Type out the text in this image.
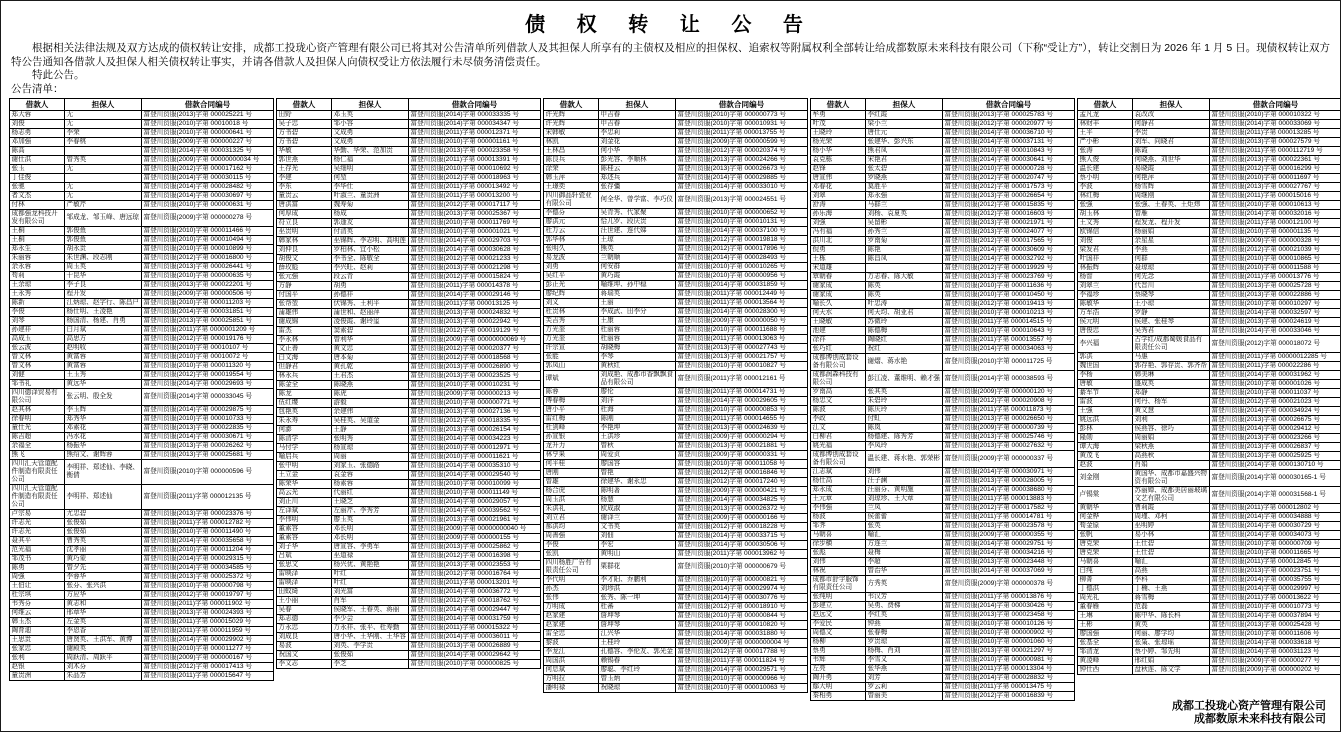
债 权 转 让 公 告
根据相关法律法规及双方达成的债权转让安排，成都工投珑心资产管理有限公司已将其对公告清单所列借款人及其担保人所享有的主债权及相应的担保权、追索权等附属权利全部转让给成都数原未来科技有限公司（下称“受让方”），转让交割日为 2026 年 1 月 5 日。现债权转让双方特公告通知各借款人及担保人相关债权转让事实，并请各借款人及担保人向债权受让方依法履行未尽债务清偿责任。
特此公告。
公告清单：
借款人	担保人	借款合同编号
郑大蓉	无	富登川资服(2013)字第 000025221 号
刘俊	无	富登川资服(2010)字第 00010018 号
杨志勇	李荣	富登川资服(2010)字第 000000641 号
邓加强	李春桃	富登川资服(2009)字第 000000227 号
陈高		富登川资服(2014)字第 000031325 号
谢仕洪	曾秀英	富登川资服(2009)字第 00000000034 号
张玉	无	富登川资服(2012)字第 000017162 号
丁佳俊		富登川资服(2014)字第 000030115 号
张驰	无	富登川资服(2014)字第 000028482 号
者文杰	无	富登川资服(2014)字第 000030697 号
付林	严敏芹	富登川资服(2010)字第 000000631 号
成都强龙科技开发有限公司	邹成龙、邹玉峰、唐远琼	富登川资服(2009)字第 000000278 号
王桐	郭俊鱼	富登川资服(2010)字第 000011466 号
王桐	郭俊鱼	富登川资服(2010)字第 000010494 号
郑永生	胡永贵	富登川资服(2010)字第 000010899 号
朱丽蓉	朱世渊、段志刚	富登川资服(2012)字第 000016800 号
余永蓉	周玉英	富登川资服(2013)字第 000026441 号
苟莉	干昆华	富登川资服(2010)字第 000000635 号
王余琼	李子良	富登川资服(2013)字第 000022201 号
王永秀	程开发	富登川资服(2009)字第 000000506 号
陈新	江炳琼、赵字行、陈昌户	富登川资服(2010)字第 000011203 号
李俊	杨仕明、王凌艳	富登川资服(2014)字第 000031851 号
刘琴	杨国清、杨建、肖勇	富登川资服(2013)字第 000025851 号
孙建祥	白月斌	富登川资服(2011)字第 0000001209 号
高成玉	高思方	富登川资服(2012)字第 000019176 号
张云波	赵明收	富登川资服(2010)字第 00010107 号
曾文林	黄富蓉	富登川资服(2010)字第 00010072 号
曾文林	黄富蓉	富登川资服(2010)字第 000011320 号
刘健	王玉秀	富登川资服(2012)字第 000019554 号
邹书礼	黄远华	富登川资服(2014)字第 000029693 号
四川德泽贸易有限公司	张云明、殷全发	富登川资服(2014)字第 000033045 号
赵其林	李玉辉	富登川资服(2014)字第 000029875 号
徐春明	郑秀华	富登川资服(2010)字第 000010733 号
童仕光	邓素花	富登川资服(2013)字第 000022835 号
陈吉超	冯水花	富登川资服(2014)字第 000030671 号
余福全	杨振华	富登川资服(2013)字第 000026262 号
熊飞	熊绍文、谢辉蓉	富登川资服(2013)字第 000025681 号
四川汇天管道配件制造有限责任公司	李明祥、郑述仙、李晓、衡倩	富登川资服(2010)字第 000000596 号
四川汇天管道配件制造有限责任公司	李明祥、郑述仙	富登川资服(2011)字第 000012135 号
卢宗易	尤忠碧	富登川资服(2013)字第 000023376 号
许志光	张俊茹	富登川资服(2011)字第 000012782 号
许志光	张俊茹	富登川资服(2010)字第 000011490 号
聂其平	曹秀英	富登川资服(2014)字第 000035658 号
范光福	沈孝丽	富登川资服(2010)字第 000011204 号
邹茂书	黄巧蒙	富登川资服(2014)字第 000029315 号
陈勇	曾夕先	富登川资服(2014)字第 000034585 号
周强	李蓉华	富登川资服(2013)字第 000025372 号
王伯让	张芬、张兴洪	富登川资服(2010)字第 000000798 号
杜宗琪	方应华	富登川资服(2012)字第 000019797 号
韦秀芬	黄志和	富登川资服(2011)字第 000011902 号
何维云	邢章华	富登川资服(2013)字第 000024393 号
韩玉杰	左金英	富登川资服(2011)字第 000015029 号
陶育迪	李恩香	富登川资服(2011)字第 000011959 号
王思贵	唐贤英、王洪军、黄博	富登川资服(2014)字第 000029902 号
张家忠	谢殿英	富登川资服(2010)字第 000011277 号
张利	周跃清、周跃平	富登川资服(2009)字第 000000167 号
赵银	刘术芬	富登川资服(2012)字第 000017413 号
童贵洲	朱品芳	富登川资服(2011)字第 000015647 号
借款人	担保人	借款合同编号
田野	邓玉英	富登川资服(2014)字第 000033335 号
吴子忠	邹小容	富登川资服(2014)字第 000034347 号
方书碧	文成勇	富登川资服(2011)字第 000012371 号
方书碧	文成勇	富登川资服(2010)字第 000001161 号
华敏	华勤、华荣、范加贵	富登川资服(2013)字第 000023358 号
郭世燕	杨仁福	富登川资服(2011)字第 000013391 号
王存光	吴细明	富登川资服(2010)字第 000010692 号
李建	何堃	富登川资服(2012)字第 000018963 号
李东	李华仕	富登川资服(2011)字第 000013492 号
童贵云	叶淑兰、童贵洲	富登川资服(2011)字第 000013200 号
唐洪富	魏寿菊	富登川资服(2012)字第 000017117 号
何厚成	杨成	富登川资服(2013)字第 000025367 号
符立良	郭逢友	富登川资服(2010)字第 000011769 号
巫贵明	付清英	富登川资服(2010)字第 000001021 号
韩家林	巫锦辉、李志明、高明莲	富登川资服(2014)字第 000029703 号
刘仲良	罗柏林、宜小松	富登川资服(2014)字第 000030628 号
胡俊文	李书全、陈敬全	富登川资服(2012)字第 000021233 号
薛玫彪	李兴旺、赵莉	富登川资服(2013)字第 000021298 号
张元强	段云青	富登川资服(2012)字第 000015824 号
方静	胡勇	富登川资服(2011)字第 000014378 号
付国平	孙德祥	富登川资服(2014)字第 000029146 号
张帮堃	伏锦秀、王利平	富登川资服(2011)字第 000013125 号
蒲雄伟	蒲世和、赵丽萍	富登川资服(2013)字第 000024832 号
谢成锦	凌俊霞、谢玲玺	富登川资服(2013)字第 000022942 号
雷杰	窦素碧	富登川资服(2012)字第 000019129 号
李永林	曾利华	富登川资服(2009)字第 00000000069 号
文正善	黄文忠	富登川资服(2012)字第 000020377 号
白文海	唐本菊	富登川资服(2012)字第 000018568 号
但静君	黄孔乾	富登川资服(2013)字第 000026890 号
林永兵	王君杰	富登川资服(2013)字第 000023525 号
陈金全	陈晓燕	富登川资服(2010)字第 000010231 号
陈龙	陈虎	富登川资服(2009)字第 000000213 号
伍红缨	游毅	富登川资服(2010)字第 000000771 号
包艳英	余建伟	富登川资服(2013)字第 000027136 号
朱永寿	吴桂英、吴道金	富登川资服(2012)字第 000018335 号
何澎	王静	富登川资服(2013)字第 000026154 号
陈清学	张明秀	富登川资服(2014)字第 000034223 号
马付学	杨宣琼	富登川资服(2010)字第 000012971 号
喻启兵	周丽	富登川资服(2010)字第 000011621 号
张中明	刘家玉、张德路	富登川资服(2014)字第 000035310 号
王立金	袁金蓉	富登川资服(2014)字第 000029540 号
陈荣华	杨素蓉	富登川资服(2010)字第 000010099 号
高云光	代丽红	富登川资服(2010)字第 000011149 号
刘正川	王晓芝	富登川资服(2014)字第 000029057 号
左泽斌	左丽芹、李秀芳	富登川资服(2014)字第 000039562 号
李伟明	廖玉英	富登川资服(2013)字第 000021961 号
董素容	邓长明	富登川资服(2009)字第 00000000040 号
董素容	邓长明	富登川资服(2009)字第 000000155 号
刘子华	唐宣容、李勇军	富登川资服(2013)字第 000025862 号
吕斌	巫道禄	富登川资服(2012)字第 000016398 号
张思文	杨兴优、黄艳艳	富登川资服(2013)字第 000023553 号
雷映泽	叶红	富登川资服(2012)字第 000016764 号
雷映泽	叶红	富登川资服(2011)字第 000013201 号
田蚊绮	刘光富	富登川资服(2014)字第 000036772 号
王小丽	肖军	富登川资服(2012)字第 000018762 号
吴春	侯晓军、王春英、蒋丽	富登川资服(2014)字第 000029447 号
郑志德	李少会	富登川资服(2014)字第 000031759 号
万永忠	万永祥、张平、杜寿勤	富登川资服(2011)字第 000015322 号
刘成良	唐小华、王华刚、王华容	富登川资服(2014)字第 000036011 号
易波	刘英、李学贵	富登川资服(2013)字第 000026889 号
祝国文	张俊茹	富登川资服(2014)字第 000029642 号
李文志	李芝	富登川资服(2010)字第 000000825 号
借款人	担保人	借款合同编号
许光辉	申吉春	富登川资服(2010)字第 000000773 号
许光辉	申吉春	富登川资服(2010)字第 000010931 号
宋韩敏	李忠莉	富登川资服(2011)字第 000013755 号
林凯	刘金花	富登川资服(2009)字第 000000599 号
王林昌	何小华	富登川资服(2012)字第 000020374 号
陈良兵	彭光容、李顺林	富登川资服(2013)字第 000024266 号
涂荣	陈桂云	富登川资服(2013)字第 000026673 号
韩玉萍	郑述兵	富登川资服(2014)字第 000029885 号
王璟奕	张存彊	富登川资服(2014)字第 000033010 号
四川御品轩瓷业有限公司	何全华、曾学富、李巧仪	富登川资服(2013)字第 000024551 号
李德芬	吴青秀、代家聚	富登川资服(2010)字第 000000652 号
廖洪元	恰儿罗、段庆贵	富登川资服(2010)字第 000010131 号
杜万云	汪世建、连代娣	富登川资服(2014)字第 000037100 号
郭华林	王琼	富登川资服(2012)字第 000019818 号
张明久	熊英	富登川资服(2012)字第 000017896 号
易龙波	兰朝顺	富登川资服(2014)字第 000028493 号
刘勇	何安群	富登川资服(2010)字第 000010265 号
吴红平	黄巧霞	富登川资服(2010)字第 000000956 号
彭正光	喻维坤、孙中稳	富登川资服(2014)字第 000031859 号
廖纪辉	蒋瑞英	富登川资服(2011)字第 000012449 号
刘义	王丽	富登川资服(2011)字第 000013564 号
杜贵林	李成武、田李分	富登川资服(2014)字第 000028300 号
芙吉秀	王康	富登川资服(2009)字第 000000050 号
万光奎	杜丽蓉	富登川资服(2010)字第 000011688 号
万光奎	杜丽蓉	富登川资服(2011)字第 000013063 号
许宗宣	胡晓梅	富登川资服(2013)字第 000027743 号
张能	李琴	富登川资服(2013)字第 000021757 号
郭凤山	黄秋红	富登川资服(2010)字第 000010827 号
谭斌	刘成艳、成都市香飘飘食品有限公司	富登川资服(2011)字第 000012161 号
陈蓉	廖伦	富登川资服(2011)字第 000014731 号
傅春梅	刘洋	富登川资服(2014)字第 000029605 号
唐小平	杜海	富登川资服(2010)字第 000000853 号
雷红梅	陈刚	富登川资服(2011)字第 000014655 号
杜剑峰	李艳坤	富登川资服(2013)字第 000024639 号
孙宣银	王洪珍	富登川资服(2009)字第 000000294 号
龙升力	曾秋	富登川资服(2013)字第 000021881 号
林亨果	周爱贞	富登川资服(2009)字第 000000331 号
何平桂	廖国容	富登川资服(2010)字第 000011058 号
唐刚	曾艳	富登川资服(2012)字第 000016846 号
曾雄	徐建华、谢永忠	富登川资服(2012)字第 000017240 号
杨合虎	陈明著	富登川资服(2009)字第 000000421 号
周玉洪	杨慧	富登川资服(2014)字第 000034825 号
朱洪礼	欧成淑	富登川资服(2013)字第 000026372 号
刘立君	谢泽兰	富登川资服(2009)字第 000000166 号
郝洪均	文书英	富登川资服(2012)字第 000018228 号
周善强	刘佃	富登川资服(2014)字第 000033715 号
李俊	李宏	富登川资服(2014)字第 000030506 号
张凯	黄明山	富登川资服(2011)字第 000013962 号
四川杨胜广告有限责任公司	栗群花	富登川资服(2010)字第 000000679 号
李代明	李才阳、乔鹏利	富登川资服(2010)字第 000000821 号
孙杰	刘珍洪	富登川资服(2014)字第 000029974 号
张伟	张秀、陈一坤	富登川资服(2014)字第 000030776 号
万明成	杜蕃	富登川资服(2012)字第 000018910 号
赵家建	詹坤琴	富登川资服(2010)字第 000000844 号
赵家建	詹坤琴	富登川资服(2010)字第 000010820 号
雷全忠	江兴华	富登川资服(2014)字第 000031880 号
黎波	王桂玲	富登川资服(2009)字第 0000000004 号
李龙江	孔德容、李伦友、郭光金	富登川资服(2012)字第 000017788 号
周国洪	赖锡春	富登川资服(2011)字第 000011824 号
何息斌	廖聪、李红玲	富登川资服(2014)字第 000029571 号
方明拉	曾玉炳	富登川资服(2010)字第 000000966 号
潘明禄	祝晓琼	富登川资服(2010)字第 000010063 号
借款人	担保人	借款合同编号
牟勇	李红霞	富登川资服(2013)字第 000025783 号
叶茂	梁小兰	富登川资服(2012)字第 000020977 号
王晓玲	唐仕元	富登川资服(2014)字第 000036710 号
杨光荣	张建华、彭兴东	富登川资服(2014)字第 000037131 号
杨小华	熊君凤	富登川资服(2010)字第 000010843 号
袁克栋	宋艳君	富登川资服(2014)字第 000030641 号
赵锋	张太碧	富登川资服(2010)字第 000000728 号
唐宣伟	罗晓燕	富登川资服(2012)字第 000020747 号
邓春花	莫胜平	富登川资服(2012)字第 000017573 号
刘翠	郑永强	富登川资服(2013)字第 000026654 号
舒涛	马群兰	富登川资服(2012)字第 000015835 号
孙乐海	刘杨、袁夏英	富登川资服(2012)字第 000016603 号
刘强	吴留彬	富登川资服(2013)字第 000021971 号
冯有福	孙秀兰	富登川资服(2013)字第 000024077 号
洪川北	罗南菊	富登川资服(2012)字第 000017565 号
倪勇	陈艳	富登川资服(2014)字第 000030609 号
王栋	陈昌凤	富登川资服(2014)字第 000032792 号
宋道雄		富登川资服(2012)字第 000019929 号
覃朝春	万志春、陈大敏	富登川资服(2013)字第 000023769 号
谢家成	陈英	富登川资服(2010)字第 000011636 号
谢家成	陈英	富登川资服(2010)字第 000010450 号
喻长久	叶忠涛	富登川资服(2012)字第 000019413 号
何天水	何天均、胡亚君	富登川资服(2010)字第 000010213 号
王晓敏	苏微玲	富登川资服(2011)字第 000014515 号
池建	陈德梅	富登川资服(2010)字第 000010643 号
凃祥	陶晓红	富登川资服(2011)字第 000013557 号
张巧红	祝红	富登川资服(2014)字第 000034063 号
成都博创成套设备有限公司	谢熠、蒋水艳	富登川资服(2010)字第 000011725 号
成都润森科技有限公司	彭江凌、董维明、赖才强	富登川资服(2014)字第 000038593 号
罗南高	张其英	富登川资服(2009)字第 000000120 号
杨忠文	朱碧玲	富登川资服(2012)字第 000020908 号
陈波	陈庆玲	富登川资服(2011)字第 000011873 号
李政	付虹	富登川资服(2013)字第 000026650 号
江文	陈岚	富登川资服(2009)字第 000000739 号
白柳君	杨德建、陈秀芳	富登川资服(2013)字第 000025746 号
姚光福	李凤玲	富登川资服(2013)字第 000027632 号
成都博创成套设备有限公司	温长建、蒋水艳、郭荣彬	富登川资服(2009)字第 000000337 号
江志斌	刘伟	富登川资服(2014)字第 000030971 号
杨仕高	汪子澜	富登川资服(2013)字第 000028005 号
郑永成	汪丽芬、黄明施	富登川资服(2014)字第 000038680 号
王元章	刘琼珍、王大章	富登川资服(2011)字第 000013883 号
李伟强	兰凤	富登川资服(2012)字第 000017582 号
杨波	侯蕾蕾	富登川资服(2011)字第 000014781 号
邹荠	张英	富登川资服(2013)字第 000023578 号
马朝喜	喻汇	富登川资服(2009)字第 000000355 号
徐步横	方连兰	富登川资服(2014)字第 000029751 号
张彪	聂梅	富登川资服(2014)字第 000034216 号
刘伟	李超	富登川资服(2013)字第 000023448 号
林祝	曾治华	富登川资服(2014)字第 000037069 号
成都市舒宇服饰有限责任公司	方秀英	富登川资服(2009)字第 000000378 号
张纯明	韦汉芳	富登川资服(2011)字第 000013876 号
彭建立	吴勇、费梯	富登川资服(2014)字第 000030426 号
赵远文	李红英	富登川资服(2013)字第 000023458 号
李爱民	钟燕	富登川资服(2010)字第 000010126 号
周德文	张春梅	富登川资服(2010)字第 000000902 号
杨柳	罗贵琼	富登川资服(2010)字第 000001060 号
蔡勇	杨梅、肖刘	富登川资服(2013)字第 000021297 号
韦辉	李雪义	富登川资服(2010)字第 000000981 号
左亮	张华燕	富登川资服(2011)字第 000013304 号
陶开勇	刘芳	富登川资服(2014)字第 000028832 号
鄢大明	罗云莉	富登川资服(2011)字第 000013475 号
秦相勇	曾丽美	富登川资服(2012)字第 000016839 号
借款人	担保人	借款合同编号
孟凡龙	袁改改	富登川资服(2010)字第 000010322 号
林财丰	何静君	富登川资服(2014)字第 000033069 号
王平	李贵	富登川资服(2011)字第 000013285 号
严小彬	刘军、向晓君	富登川资服(2013)字第 000027579 号
张涛	陈霞	富登川资服(2011)字第 0000112719 号
熊人俊	何晓燕、刘世华	富登川资服(2013)字第 000022361 号
温长建	易晓霞	富登川资服(2012)字第 000016299 号
蔡小明	何艳萍	富登川资服(2010)字第 000011697 号
李波	杨雪辉	富登川资服(2013)字第 000027767 号
林红梅	周继刚	富登川资服(2011)字第 000015016 号
张强	张强、王春英、王炬炜	富登川资服(2010)字第 000010613 号
胡玉林	曾雁	富登川资服(2014)字第 000032016 号
王文秀	程发龙、程开发	富登川资服(2011)字第 000012100 号
欧锦信	杨丽娟	富登川资服(2010)字第 000001135 号
刘俊	余星星	富登川资服(2009)字第 000000328 号
梁发君	李燕	富登川资服(2012)字第 000021039 号
叶国祥	何群	富登川资服(2010)字第 000010865 号
林振辉	聂琼琼	富登川资服(2010)字第 000011588 号
杨智	何先念	富登川资服(2011)字第 000013776 号
刘翠兰	代晋川	富登川资服(2013)字第 000025728 号
李福珍	蔡晓琴	富登川资服(2013)字第 000022886 号
陈敏华	王小琼	富登川资服(2010)字第 000010297 号
方军浩	罗静	富登川资服(2014)字第 000032597 号
侯元明	侯建、张桂琴	富登川资服(2013)字第 000024619 号
唐俊忠	吴秀君	富登川资服(2014)字第 000033046 号
李兴福	古学红/成都蜀媛食品有限责任公司	富登川资服(2012)字第 000018072 号
郭洪	马惠	富登川资服(2011)字第 00000012285 号
魏世国	郭存艳、郭存贵、郭齐帮	富登川资服(2011)字第 000022286 号
李杨	韩美琳	富登川资服(2014)字第 000031962 号
唐敏	盛成英	富登川资服(2010)字第 000001026 号
綦军节	郑静	富登川资服(2010)字第 000011037 号
雷波	何丹、杨军	富登川资服(2012)字第 000021023 号
王强	黄文慧	富登川资服(2014)字第 000034924 号
姚远洪	刘利	富登川资服(2013)字第 000026675 号
彭林	侯燕容、徐巧	富登川资服(2014)字第 000029412 号
隆勋	周丽娟	富登川资服(2013)字第 000023266 号
谭大海	梁秋燕	富登川资服(2013)字第 000026837 号
黄茂飞	高燕秋	富登川资服(2013)字第 000025925 号
赵波	肖娟	富登川资服(2014)字第 0000130710 号
刘金刚	黄国华、成都市嘉盛兴物资有限公司	富登川资服(2014)字第 000030165-1 号
卢锡棠	苏丽婵、成都美居丽玻璃文艺有限公司	富登川资服(2014)字第 000031568-1 号
黄朝华	曹莉霞	富登川资服(2011)字第 000012802 号
何金桦	周瑾、邓柯	富登川资服(2014)字第 000034888 号
荀金原	巫明婷	富登川资服(2014)字第 000030729 号
张帆	易小林	富登川资服(2014)字第 000034073 号
唐克荣	王仕碧	富登川资服(2010)字第 000000709 号
唐克荣	王仕碧	富登川资服(2010)字第 000011665 号
马朝喜	喻汇	富登川资服(2011)字第 000012845 号
白纯	高燕	富登川资服(2013)字第 000023751 号
柳菁	李科	富登川资服(2014)字第 000035755 号
丁德洪	丁楠、王燕	富登川资服(2014)字第 000029997 号
周光礼	蒋雪梅	富登川资服(2011)字第 000013622 号
董春雁	范磊	富登川资服(2010)字第 000010773 号
王琳	陈中华、陈长科	富登川资服(2014)字第 000037894 号
王彬	黄英	富登川资服(2013)字第 000025428 号
廖国强	何丽、廖学均	富登川资服(2010)字第 000011606 号
张基全	张枭、张琼瑶	富登川资服(2014)字第 000033618 号
邹清龙	蔡小婷、邹先明	富登川资服(2014)字第 000031123 号
黄凌峰	邢红娟	富登川资服(2009)字第 000000277 号
钟仕西	盘秋连、陈文学	富登川资服(2009)字第 000000202 号
成都工投珑心资产管理有限公司
成都数原未来科技有限公司
